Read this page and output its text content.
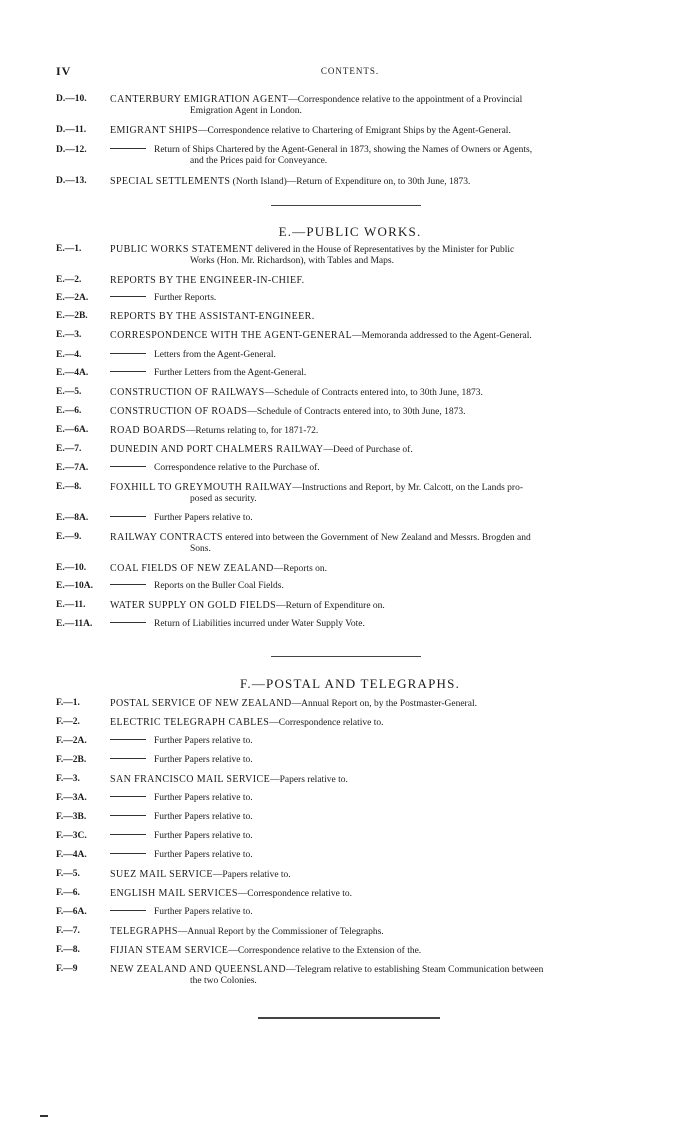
IV	CONTENTS.
D.—10.	CANTERBURY EMIGRATION AGENT—Correspondence relative to the appointment of a Provincial
Emigration Agent in London.
D.—11.	EMIGRANT SHIPS—Correspondence relative to Chartering of Emigrant Ships by the Agent-General.
D.—12.	Return of Ships Chartered by the Agent-General in 1873, showing the Names of Owners or Agents,
and the Prices paid for Conveyance.
D.—13.	SPECIAL SETTLEMENTS (North Island)—Return of Expenditure on, to 30th June, 1873.
E.—PUBLIC WORKS.
E.—1.	PUBLIC WORKS STATEMENT delivered in the House of Representatives by the Minister for Public
Works (Hon. Mr. Richardson), with Tables and Maps.
E.—2.	REPORTS BY THE ENGINEER-IN-CHIEF.
E.—2A.	Further Reports.
E.—2B.	REPORTS BY THE ASSISTANT-ENGINEER.
E.—3.	CORRESPONDENCE WITH THE AGENT-GENERAL—Memoranda addressed to the Agent-General.
E.—4.	Letters from the Agent-General.
E.—4A.	Further Letters from the Agent-General.
E.—5.	CONSTRUCTION OF RAILWAYS—Schedule of Contracts entered into, to 30th June, 1873.
E.—6.	CONSTRUCTION OF ROADS—Schedule of Contracts entered into, to 30th June, 1873.
E.—6A.	ROAD BOARDS—Returns relating to, for 1871-72.
E.—7.	DUNEDIN AND PORT CHALMERS RAILWAY—Deed of Purchase of.
E.—7A.	Correspondence relative to the Purchase of.
E.—8.	FOXHILL TO GREYMOUTH RAILWAY—Instructions and Report, by Mr. Calcott, on the Lands pro-
posed as security.
E.—8A.	Further Papers relative to.
E.—9.	RAILWAY CONTRACTS entered into between the Government of New Zealand and Messrs. Brogden and
Sons.
E.—10.	COAL FIELDS OF NEW ZEALAND—Reports on.
E.—10A.	Reports on the Buller Coal Fields.
E.—11.	WATER SUPPLY ON GOLD FIELDS—Return of Expenditure on.
E.—11A.	Return of Liabilities incurred under Water Supply Vote.
F.—POSTAL AND TELEGRAPHS.
F.—1.	POSTAL SERVICE OF NEW ZEALAND—Annual Report on, by the Postmaster-General.
F.—2.	ELECTRIC TELEGRAPH CABLES—Correspondence relative to.
F.—2A.	Further Papers relative to.
F.—2B.	Further Papers relative to.
F.—3.	SAN FRANCISCO MAIL SERVICE—Papers relative to.
F.—3A.	Further Papers relative to.
F.—3B.	Further Papers relative to.
F.—3C.	Further Papers relative to.
F.—4A.	Further Papers relative to.
F.—5.	SUEZ MAIL SERVICE—Papers relative to.
F.—6.	ENGLISH MAIL SERVICES—Correspondence relative to.
F.—6A.	Further Papers relative to.
F.—7.	TELEGRAPHS—Annual Report by the Commissioner of Telegraphs.
F.—8.	FIJIAN STEAM SERVICE—Correspondence relative to the Extension of the.
F.—9	NEW ZEALAND AND QUEENSLAND—Telegram relative to establishing Steam Communication between
the two Colonies.
